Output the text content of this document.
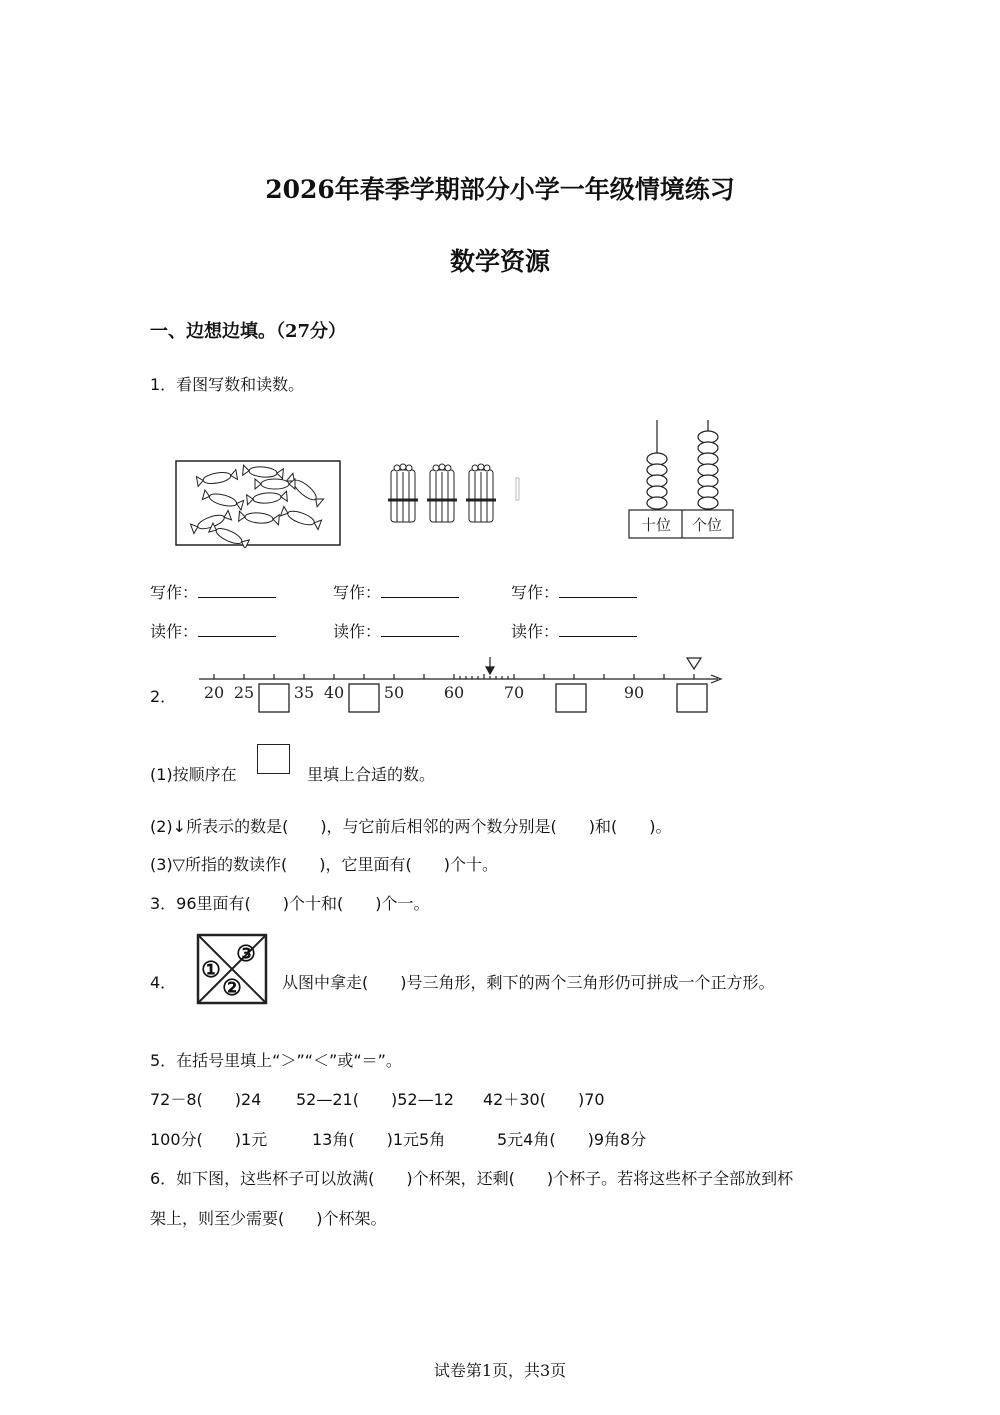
2026年春季学期部分小学一年级情境练习
数学资源
一、边想边填。（27分）
1．看图写数和读数。
十位 个位
写作：	写作：	写作：
读作：	读作：	读作：
2． 20 25 35 40 50 60 70	90
(1)按顺序在	里填上合适的数。
(2)↓所表示的数是(　　)，与它前后相邻的两个数分别是(　　)和(　　)。
(3)▽所指的数读作(　　)，它里面有(　　)个十。
3．96里面有(　　)个十和(　　)个一。
4． ①
②
③
从图中拿走(　　)号三角形，剩下的两个三角形仍可拼成一个正方形。
5．在括号里填上“＞”“＜”或“＝”。
72－8(　　)24 52—21(　　)52—12 42＋30(　　)70
100分(　　)1元	13角(　　)1元5角	5元4角(　　)9角8分
6．如下图，这些杯子可以放满(　　)个杯架，还剩(　　)个杯子。若将这些杯子全部放到杯
架上，则至少需要(　　)个杯架。
试卷第1页，共3页
